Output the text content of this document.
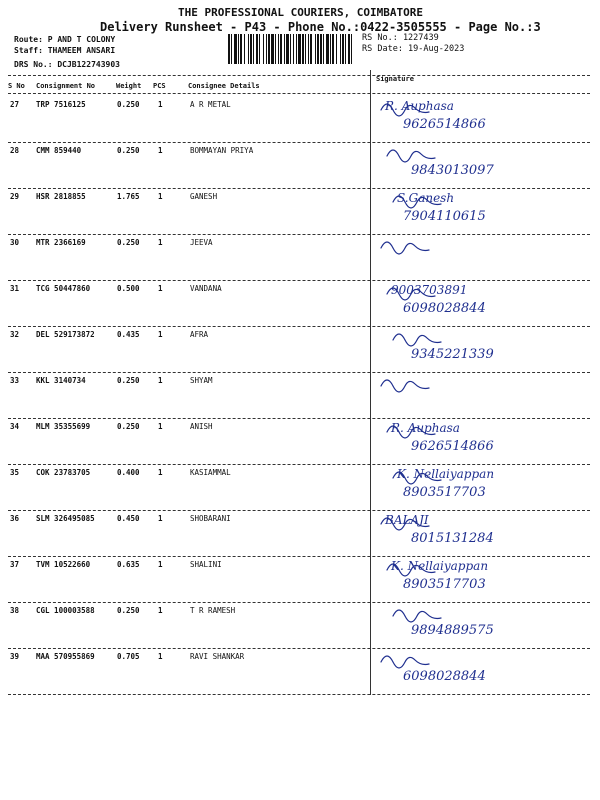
THE PROFESSIONAL COURIERS, COIMBATORE
Delivery Runsheet - P43 - Phone No.:0422-3505555 - Page No.:3
Route: P AND T COLONY
Staff: THAMEEM ANSARI
DRS No.: DCJB122743903
RS No.: 1227439
RS Date: 19-Aug-2023
S No Consignment No	Weight PCS	Consignee Details
Signature
27 TRP 7516125	0.250 1	A R METAL	R. Auphasa
9626514866
28 CMM 859440	0.250 1	BOMMAYAN PRIYA
9843013097
29 HSR 2818855	1.765 1	GANESH	S.Ganesh
7904110615
30 MTR 2366169	0.250 1	JEEVA
31 TCG 50447860	0.500 1	VANDANA	9003703891
6098028844
32 DEL 529173872	0.435 1	AFRA
9345221339
33 KKL 3140734	0.250 1	SHYAM
34 MLM 35355699	0.250 1	ANISH	R. Auphasa
9626514866
35 COK 23783705	0.400 1	KASIAMMAL	K. Nellaiyappan
8903517703
36 SLM 326495085	0.450 1	SHOBARANI	BALAJI
8015131284
37 TVM 10522660	0.635 1	SHALINI	K. Nellaiyappan
8903517703
38 CGL 100003588	0.250 1	T R RAMESH
9894889575
39 MAA 570955869	0.705 1	RAVI SHANKAR
6098028844
